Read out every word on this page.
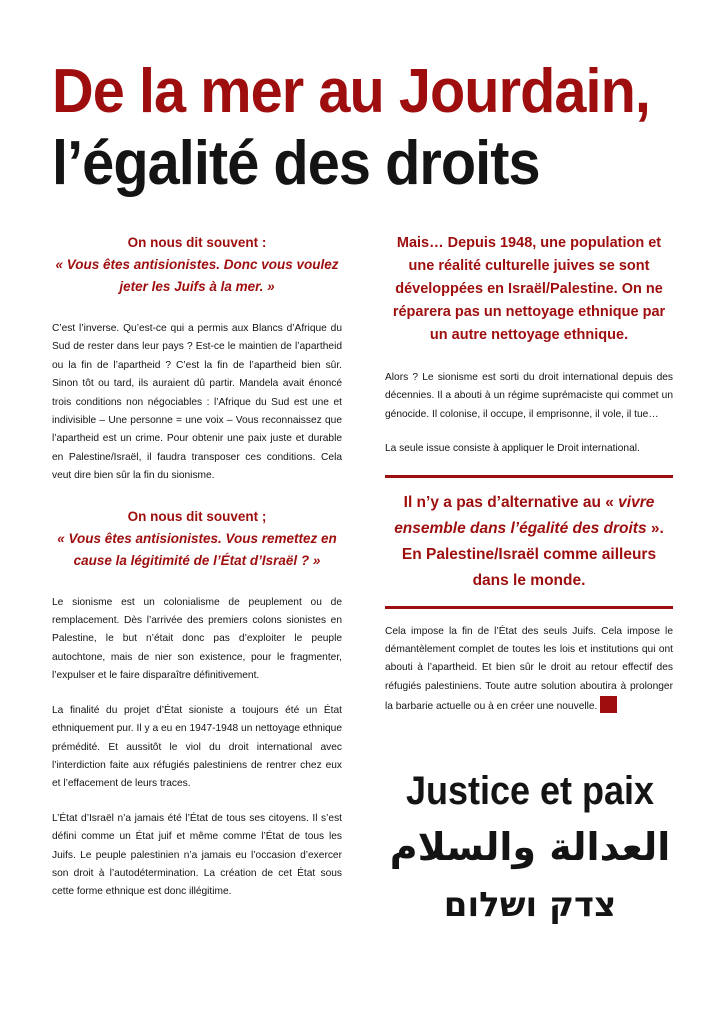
De la mer au Jourdain,
l’égalité des droits
On nous dit souvent :
« Vous êtes antisionistes. Donc vous voulez jeter les Juifs à la mer. »

C’est l’inverse. Qu’est-ce qui a permis aux Blancs d’Afrique du Sud de rester dans leur pays ? Est-ce le maintien de l’apartheid ou la fin de l’apartheid ? C’est la fin de l’apartheid bien sûr. Sinon tôt ou tard, ils auraient dû partir. Mandela avait énoncé trois conditions non négociables : l’Afrique du Sud est une et indivisible – Une personne = une voix – Vous reconnaissez que l’apartheid est un crime. Pour obtenir une paix juste et durable en Palestine/Israël, il faudra transposer ces conditions. Cela veut dire bien sûr la fin du sionisme.

On nous dit souvent ;
« Vous êtes antisionistes. Vous remettez en cause la légitimité de l’État d’Israël ? »

Le sionisme est un colonialisme de peuplement ou de remplacement. Dès l’arrivée des premiers colons sionistes en Palestine, le but n’était donc pas d’exploiter le peuple autochtone, mais de nier son existence, pour le fragmenter, l’expulser et le faire disparaître définitivement.

La finalité du projet d’État sioniste a toujours été un État ethniquement pur. Il y a eu en 1947-1948 un nettoyage ethnique prémédité. Et aussitôt le viol du droit international avec l’interdiction faite aux réfugiés palestiniens de rentrer chez eux et l’effacement de leurs traces.

L’État d’Israël n’a jamais été l’État de tous ses citoyens. Il s’est défini comme un État juif et même comme l’État de tous les Juifs. Le peuple palestinien n’a jamais eu l’occasion d’exercer son droit à l’autodétermination. La création de cet État sous cette forme ethnique est donc illégitime.

Mais… Depuis 1948, une population et une réalité culturelle juives se sont développées en Israël/Palestine. On ne réparera pas un nettoyage ethnique par un autre nettoyage ethnique.

Alors ? Le sionisme est sorti du droit international depuis des décennies. Il a abouti à un régime suprémaciste qui commet un génocide. Il colonise, il occupe, il emprisonne, il vole, il tue…

La seule issue consiste à appliquer le Droit international.

Il n’y a pas d’alternative au « vivre ensemble dans l’égalité des droits ». En Palestine/Israël comme ailleurs dans le monde.

Cela impose la fin de l’État des seuls Juifs. Cela impose le démantèlement complet de toutes les lois et institutions qui ont abouti à l’apartheid. Et bien sûr le droit au retour effectif des réfugiés palestiniens. Toute autre solution aboutira à prolonger la barbarie actuelle ou à en créer une nouvelle.

Justice et paix
العدالة والسلام
צדק ושלום
